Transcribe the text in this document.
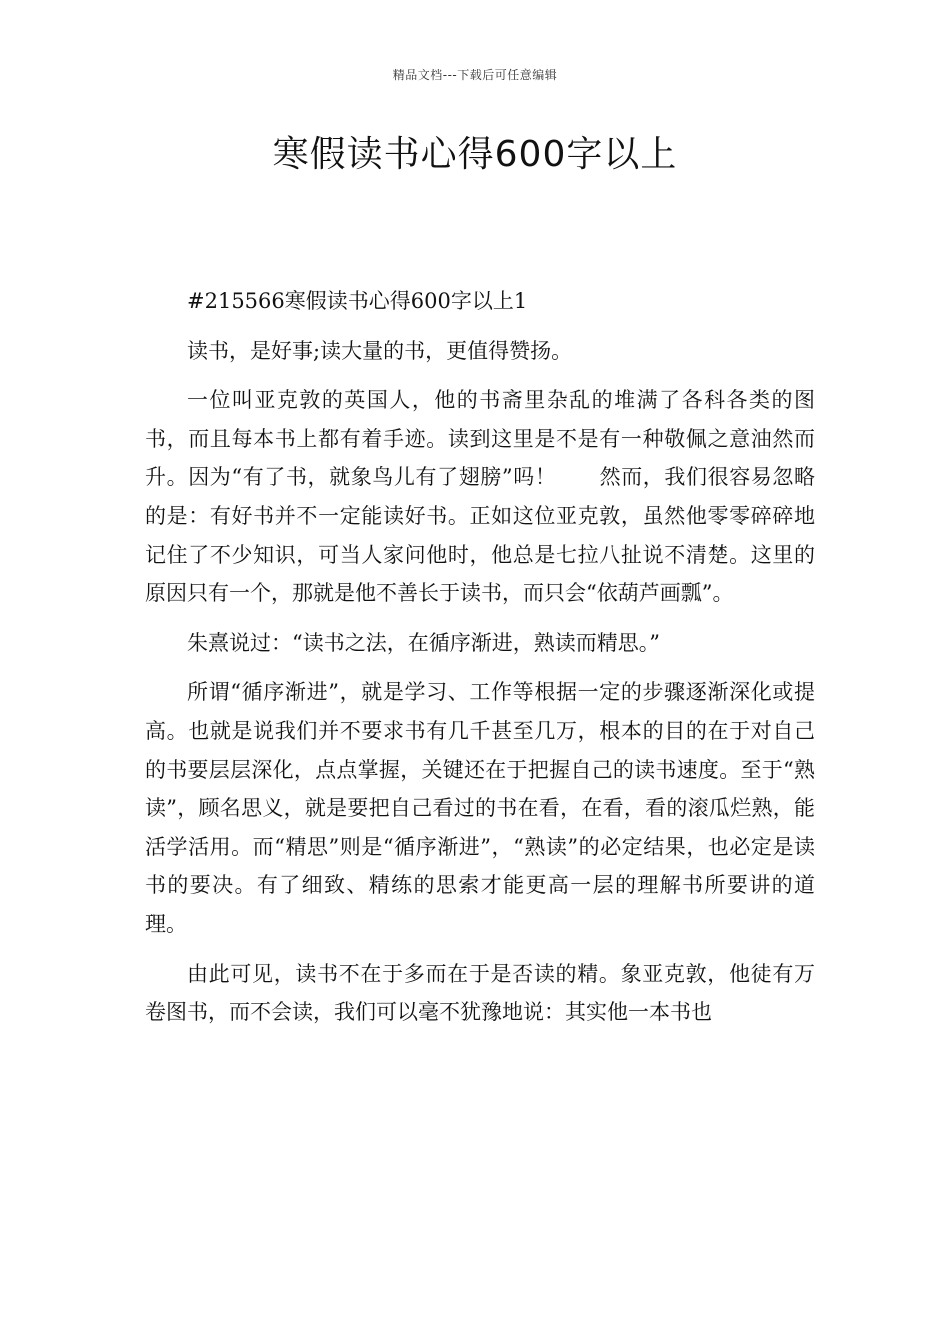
精品文档---下载后可任意编辑
寒假读书心得600字以上

#215566寒假读书心得600字以上1

读书，是好事;读大量的书，更值得赞扬。

一位叫亚克敦的英国人，他的书斋里杂乱的堆满了各科各类的图书，而且每本书上都有着手迹。读到这里是不是有一种敬佩之意油然而升。因为“有了书，就象鸟儿有了翅膀”吗！　　然而，我们很容易忽略的是：有好书并不一定能读好书。正如这位亚克敦，虽然他零零碎碎地记住了不少知识，可当人家问他时，他总是七拉八扯说不清楚。这里的原因只有一个，那就是他不善长于读书，而只会“依葫芦画瓢”。

朱熹说过：“读书之法，在循序渐进，熟读而精思。”

所谓“循序渐进”，就是学习、工作等根据一定的步骤逐渐深化或提高。也就是说我们并不要求书有几千甚至几万，根本的目的在于对自己的书要层层深化，点点掌握，关键还在于把握自己的读书速度。至于“熟读”，顾名思义，就是要把自己看过的书在看，在看，看的滚瓜烂熟，能活学活用。而“精思”则是“循序渐进”，“熟读”的必定结果，也必定是读书的要决。有了细致、精练的思索才能更高一层的理解书所要讲的道理。

由此可见，读书不在于多而在于是否读的精。象亚克敦，他徒有万卷图书，而不会读，我们可以毫不犹豫地说：其实他一本书也
